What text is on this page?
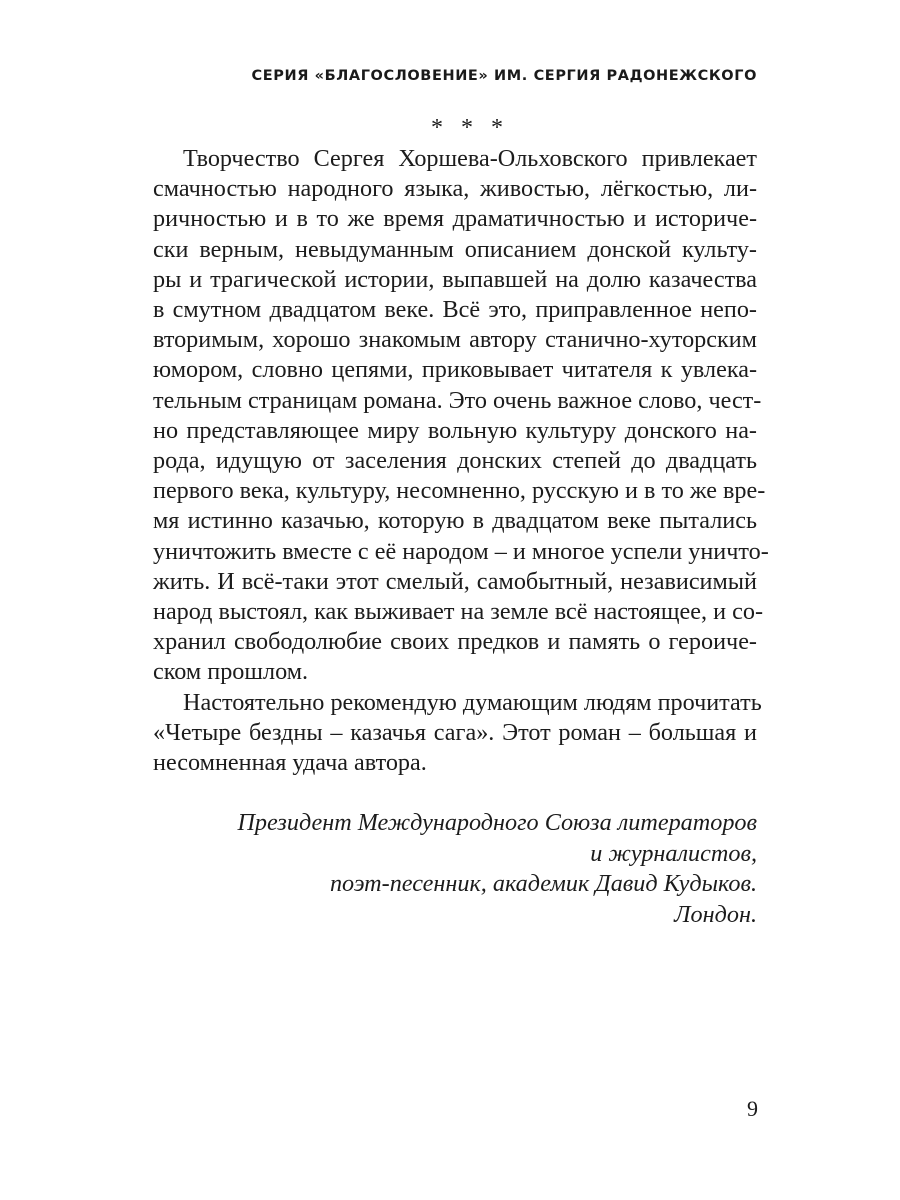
СЕРИЯ «БЛАГОСЛОВЕНИЕ» ИМ. СЕРГИЯ РАДОНЕЖСКОГО
* * *
Творчество Сергея Хоршева-Ольховского привлекает
смачностью народного языка, живостью, лёгкостью, ли-
ричностью и в то же время драматичностью и историче-
ски верным, невыдуманным описанием донской культу-
ры и трагической истории, выпавшей на долю казачества
в смутном двадцатом веке. Всё это, приправленное непо-
вторимым, хорошо знакомым автору станично-хуторским
юмором, словно цепями, приковывает читателя к увлека-
тельным страницам романа. Это очень важное слово, чест-
но представляющее миру вольную культуру донского на-
рода, идущую от заселения донских степей до двадцать
первого века, культуру, несомненно, русскую и в то же вре-
мя истинно казачью, которую в двадцатом веке пытались
уничтожить вместе с её народом – и многое успели уничто-
жить. И всё-таки этот смелый, самобытный, независимый
народ выстоял, как выживает на земле всё настоящее, и со-
хранил свободолюбие своих предков и память о героиче-
ском прошлом.
Настоятельно рекомендую думающим людям прочитать
«Четыре бездны – казачья сага». Этот роман – большая и
несомненная удача автора.
Президент Международного Союза литераторов
и журналистов,
поэт-песенник, академик Давид Кудыков.
Лондон.
9
